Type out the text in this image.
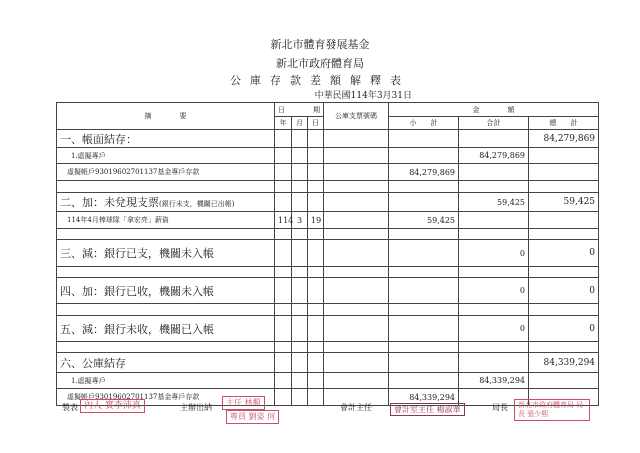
新北市體育發展基金
新北市政府體育局
公庫存款差額解釋表
中華民國114年3月31日
摘　　　　要	日　　　　期			公庫支票號碼	金　　　　額		
	年	月	日		小　　計	合計	總　　計
一、帳面結存：							84,279,869
1.虛擬專戶						84,279,869	
虛擬帳戶93019602701137基金專戶存款					84,279,869		

二、加：未兌現支票(銀行未支，機關已出帳)						59,425	59,425
114年4月棒球隊「拿宏亮」薪資	114	3	19		59,425		

三、減：銀行已支，機關未入帳						0	0

四、加：銀行已收，機關未入帳						0	0

五、減：銀行未收，機關已入帳						0	0

六、公庫結存							84,339,294
1.虛擬專戶						84,339,294	
虛擬帳戶93019602701137基金專戶存款					84,339,294		
製表 內人 實李沛真	主辦出納
主任 林頫
專員 劉姿 何
會計主任	會計室主任 楊淑華	局長	新北市政府體育局 局 長 張少熙
